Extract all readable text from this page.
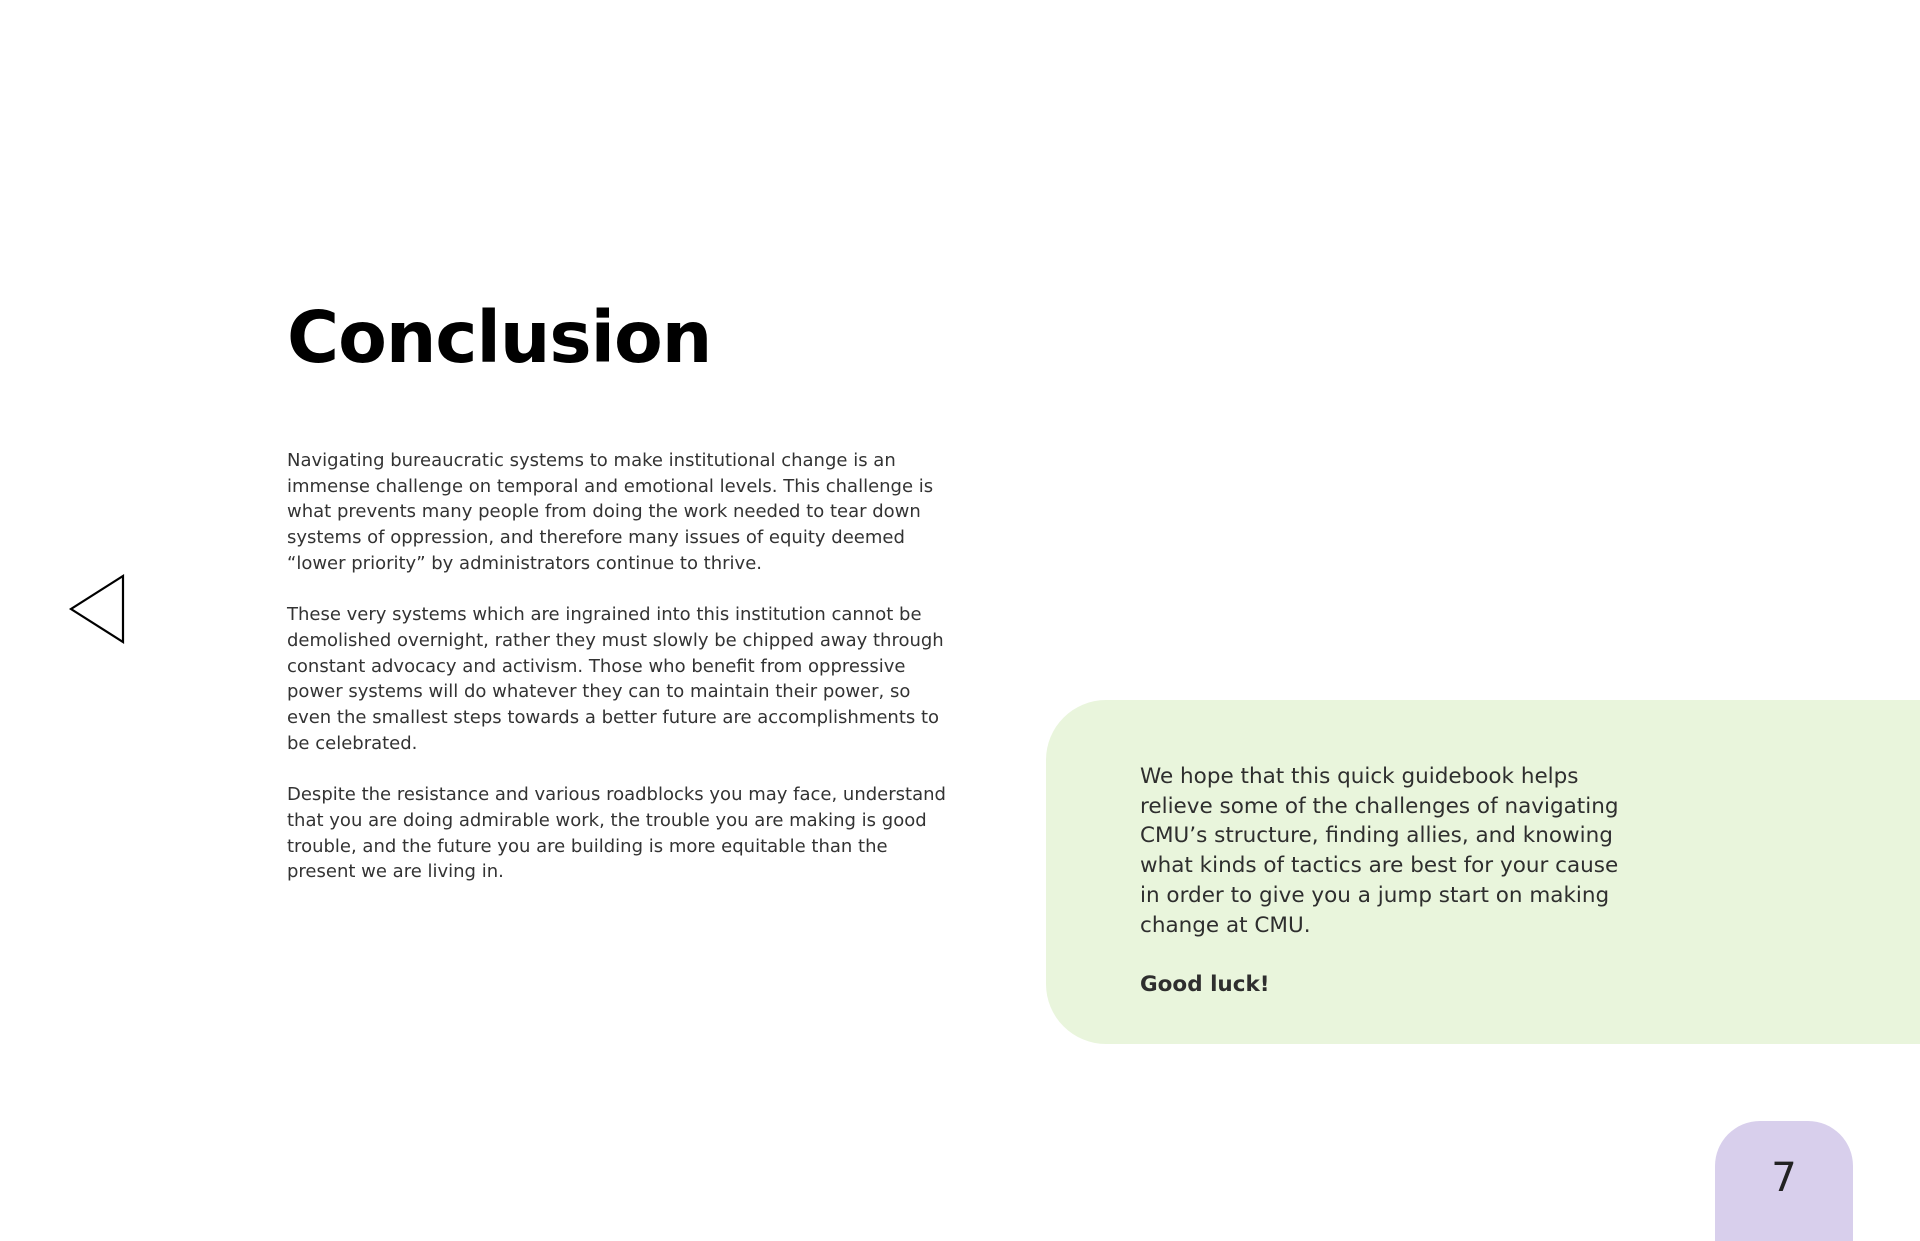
Conclusion

Navigating bureaucratic systems to make institutional change is an immense challenge on temporal and emotional levels. This challenge is what prevents many people from doing the work needed to tear down systems of oppression, and therefore many issues of equity deemed “lower priority” by administrators continue to thrive.

These very systems which are ingrained into this institution cannot be demolished overnight, rather they must slowly be chipped away through constant advocacy and activism. Those who benefit from oppressive power systems will do whatever they can to maintain their power, so even the smallest steps towards a better future are accomplishments to be celebrated.

Despite the resistance and various roadblocks you may face, understand that you are doing admirable work, the trouble you are making is good trouble, and the future you are building is more equitable than the present we are living in.

We hope that this quick guidebook helps relieve some of the challenges of navigating CMU’s structure, finding allies, and knowing what kinds of tactics are best for your cause in order to give you a jump start on making change at CMU.

Good luck!

7
